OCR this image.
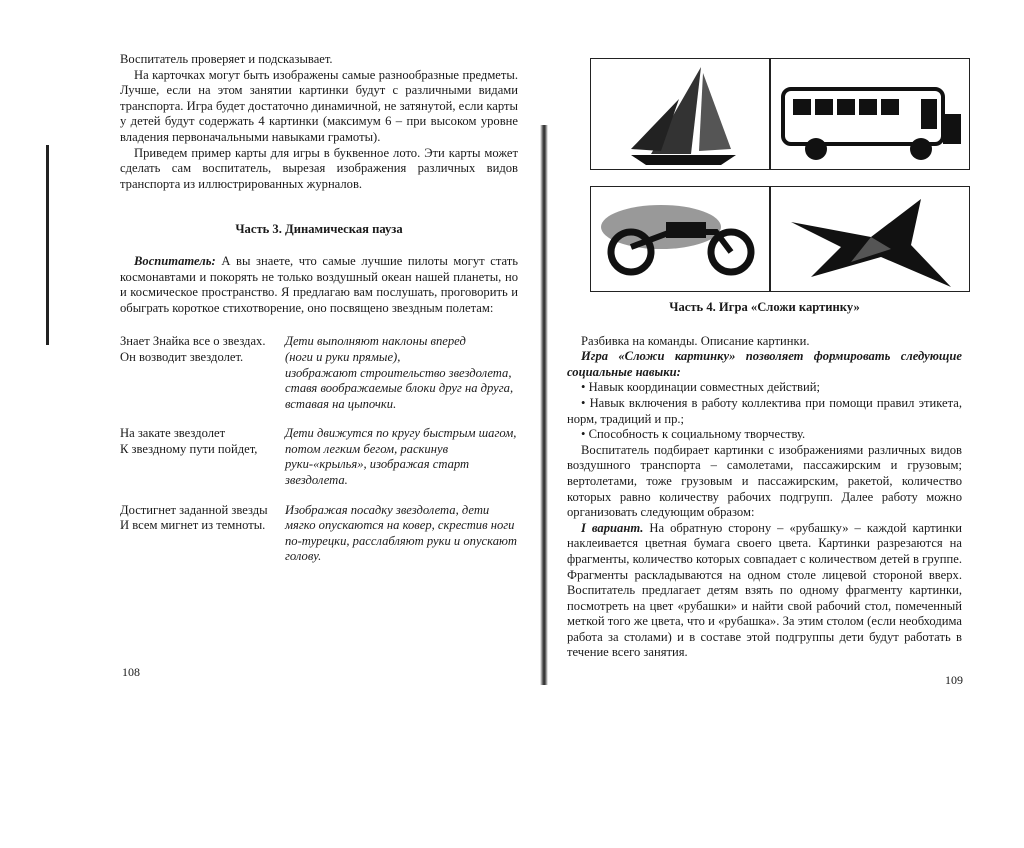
Воспитатель проверяет и подсказывает.

На карточках могут быть изображены самые разнообразные предметы. Лучше, если на этом занятии картинки будут с различными видами транспорта. Игра будет достаточно динамичной, не затянутой, если карты у детей будут содержать 4 картинки (максимум 6 – при высоком уровне владения первоначальными навыками грамоты).

Приведем пример карты для игры в буквенное лото. Эти карты может сделать сам воспитатель, вырезая изображения различных видов транспорта из иллюстрированных журналов.

Часть 3. Динамическая пауза

Воспитатель: А вы знаете, что самые лучшие пилоты могут стать космонавтами и покорять не только воздушный океан нашей планеты, но и космическое пространство. Я предлагаю вам послушать, проговорить и обыграть короткое стихотворение, оно посвящено звездным полетам:

Знает Знайка все о звездах.
Он возводит звездолет.
Дети выполняют наклоны вперед
(ноги и руки прямые),
изображают строительство звездолета, ставя воображаемые блоки друг на друга, вставая на цыпочки.
На закате звездолет
К звездному пути пойдет,
Дети движутся по кругу быстрым шагом, потом легким бегом, раскинув руки-«крылья», изображая старт звездолета.
Достигнет заданной звезды
И всем мигнет из темноты.
Изображая посадку звездолета, дети мягко опускаются на ковер, скрестив ноги по-турецки, расслабляют руки и опускают голову.
108

Часть 4. Игра «Сложи картинку»

Разбивка на команды. Описание картинки.

Игра «Сложи картинку» позволяет формировать следующие социальные навыки:

• Навык координации совместных действий;
• Навык включения в работу коллектива при помощи правил этикета, норм, традиций и пр.;
• Способность к социальному творчеству.

Воспитатель подбирает картинки с изображениями различных видов воздушного транспорта – самолетами, пассажирским и грузовым; вертолетами, тоже грузовым и пассажирским, ракетой, количество которых равно количеству рабочих подгрупп. Далее работу можно организовать следующим образом:

I вариант. На обратную сторону – «рубашку» – каждой картинки наклеивается цветная бумага своего цвета. Картинки разрезаются на фрагменты, количество которых совпадает с количеством детей в группе. Фрагменты раскладываются на одном столе лицевой стороной вверх. Воспитатель предлагает детям взять по одному фрагменту картинки, посмотреть на цвет «рубашки» и найти свой рабочий стол, помеченный меткой того же цвета, что и «рубашка». За этим столом (если необходима работа за столами) и в составе этой подгруппы дети будут работать в течение всего занятия.

109
